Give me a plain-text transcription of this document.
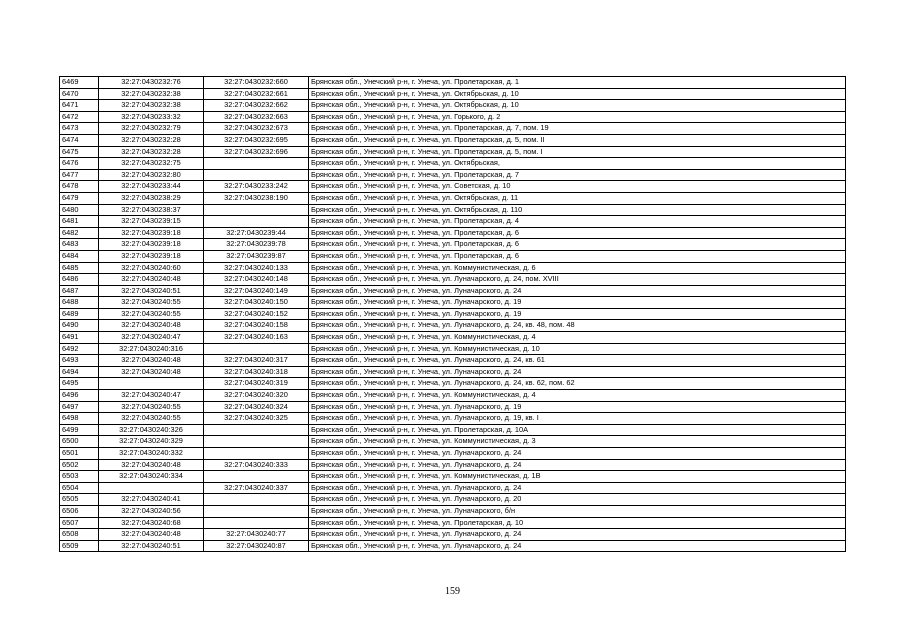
6469	32:27:0430232:76	32:27:0430232:660	Брянская обл., Унечский р-н, г. Унеча, ул. Пролетарская, д. 1
6470	32:27:0430232:38	32:27:0430232:661	Брянская обл., Унечский р-н, г. Унеча, ул. Октябрьская, д. 10
6471	32:27:0430232:38	32:27:0430232:662	Брянская обл., Унечский р-н, г. Унеча, ул. Октябрьская, д. 10
6472	32:27:0430233:32	32:27:0430232:663	Брянская обл., Унечский р-н, г. Унеча, ул. Горького, д. 2
6473	32:27:0430232:79	32:27:0430232:673	Брянская обл., Унечский р-н, г. Унеча, ул. Пролетарская, д. 7, пом. 19
6474	32:27:0430232:28	32:27:0430232:695	Брянская обл., Унечский р-н, г. Унеча, ул. Пролетарская, д. 5, пом. II
6475	32:27:0430232:28	32:27:0430232:696	Брянская обл., Унечский р-н, г. Унеча, ул. Пролетарская, д. 5, пом. I
6476	32:27:0430232:75		Брянская обл., Унечский р-н, г. Унеча, ул. Октябрьская,
6477	32:27:0430232:80		Брянская обл., Унечский р-н, г. Унеча, ул. Пролетарская, д. 7
6478	32:27:0430233:44	32:27:0430233:242	Брянская обл., Унечский р-н, г. Унеча, ул. Советская, д. 10
6479	32:27:0430238:29	32:27:0430238:190	Брянская обл., Унечский р-н, г. Унеча, ул. Октябрьская, д. 11
6480	32:27:0430238:37		Брянская обл., Унечский р-н, г. Унеча, ул. Октябрьская, д. 110
6481	32:27:0430239:15		Брянская обл., Унечский р-н, г. Унеча, ул. Пролетарская, д. 4
6482	32:27:0430239:18	32:27:0430239:44	Брянская обл., Унечский р-н, г. Унеча, ул. Пролетарская, д. 6
6483	32:27:0430239:18	32:27:0430239:78	Брянская обл., Унечский р-н, г. Унеча, ул. Пролетарская, д. 6
6484	32:27:0430239:18	32:27:0430239:87	Брянская обл., Унечский р-н, г. Унеча, ул. Пролетарская, д. 6
6485	32:27:0430240:60	32:27:0430240:133	Брянская обл., Унечский р-н, г. Унеча, ул. Коммунистическая, д. 6
6486	32:27:0430240:48	32:27:0430240:148	Брянская обл., Унечский р-н, г. Унеча, ул. Луначарского, д. 24, пом. XVIII
6487	32:27:0430240:51	32:27:0430240:149	Брянская обл., Унечский р-н, г. Унеча, ул. Луначарского, д. 24
6488	32:27:0430240:55	32:27:0430240:150	Брянская обл., Унечский р-н, г. Унеча, ул. Луначарского, д. 19
6489	32:27:0430240:55	32:27:0430240:152	Брянская обл., Унечский р-н, г. Унеча, ул. Луначарского, д. 19
6490	32:27:0430240:48	32:27:0430240:158	Брянская обл., Унечский р-н, г. Унеча, ул. Луначарского, д. 24, кв. 48, пом. 48
6491	32:27:0430240:47	32:27:0430240:163	Брянская обл., Унечский р-н, г. Унеча, ул. Коммунистическая, д. 4
6492	32:27:0430240:316		Брянская обл., Унечский р-н, г. Унеча, ул. Коммунистическая, д. 10
6493	32:27:0430240:48	32:27:0430240:317	Брянская обл., Унечский р-н, г. Унеча, ул. Луначарского, д. 24, кв. 61
6494	32:27:0430240:48	32:27:0430240:318	Брянская обл., Унечский р-н, г. Унеча, ул. Луначарского, д. 24
6495		32:27:0430240:319	Брянская обл., Унечский р-н, г. Унеча, ул. Луначарского, д. 24, кв. 62, пом. 62
6496	32:27:0430240:47	32:27:0430240:320	Брянская обл., Унечский р-н, г. Унеча, ул. Коммунистическая, д. 4
6497	32:27:0430240:55	32:27:0430240:324	Брянская обл., Унечский р-н, г. Унеча, ул. Луначарского, д. 19
6498	32:27:0430240:55	32:27:0430240:325	Брянская обл., Унечский р-н, г. Унеча, ул. Луначарского, д. 19, кв. I
6499	32:27:0430240:326		Брянская обл., Унечский р-н, г. Унеча, ул. Пролетарская, д. 10А
6500	32:27:0430240:329		Брянская обл., Унечский р-н, г. Унеча, ул. Коммунистическая, д. 3
6501	32:27:0430240:332		Брянская обл., Унечский р-н, г. Унеча, ул. Луначарского, д. 24
6502	32:27:0430240:48	32:27:0430240:333	Брянская обл., Унечский р-н, г. Унеча, ул. Луначарского, д. 24
6503	32:27:0430240:334		Брянская обл., Унечский р-н, г. Унеча, ул. Коммунистическая, д. 1В
6504		32:27:0430240:337	Брянская обл., Унечский р-н, г. Унеча, ул. Луначарского, д. 24
6505	32:27:0430240:41		Брянская обл., Унечский р-н, г. Унеча, ул. Луначарского, д. 20
6506	32:27:0430240:56		Брянская обл., Унечский р-н, г. Унеча, ул. Луначарского, б/н
6507	32:27:0430240:68		Брянская обл., Унечский р-н, г. Унеча, ул. Пролетарская, д. 10
6508	32:27:0430240:48	32:27:0430240:77	Брянская обл., Унечский р-н, г. Унеча, ул. Луначарского, д. 24
6509	32:27:0430240:51	32:27:0430240:87	Брянская обл., Унечский р-н, г. Унеча, ул. Луначарского, д. 24
159
